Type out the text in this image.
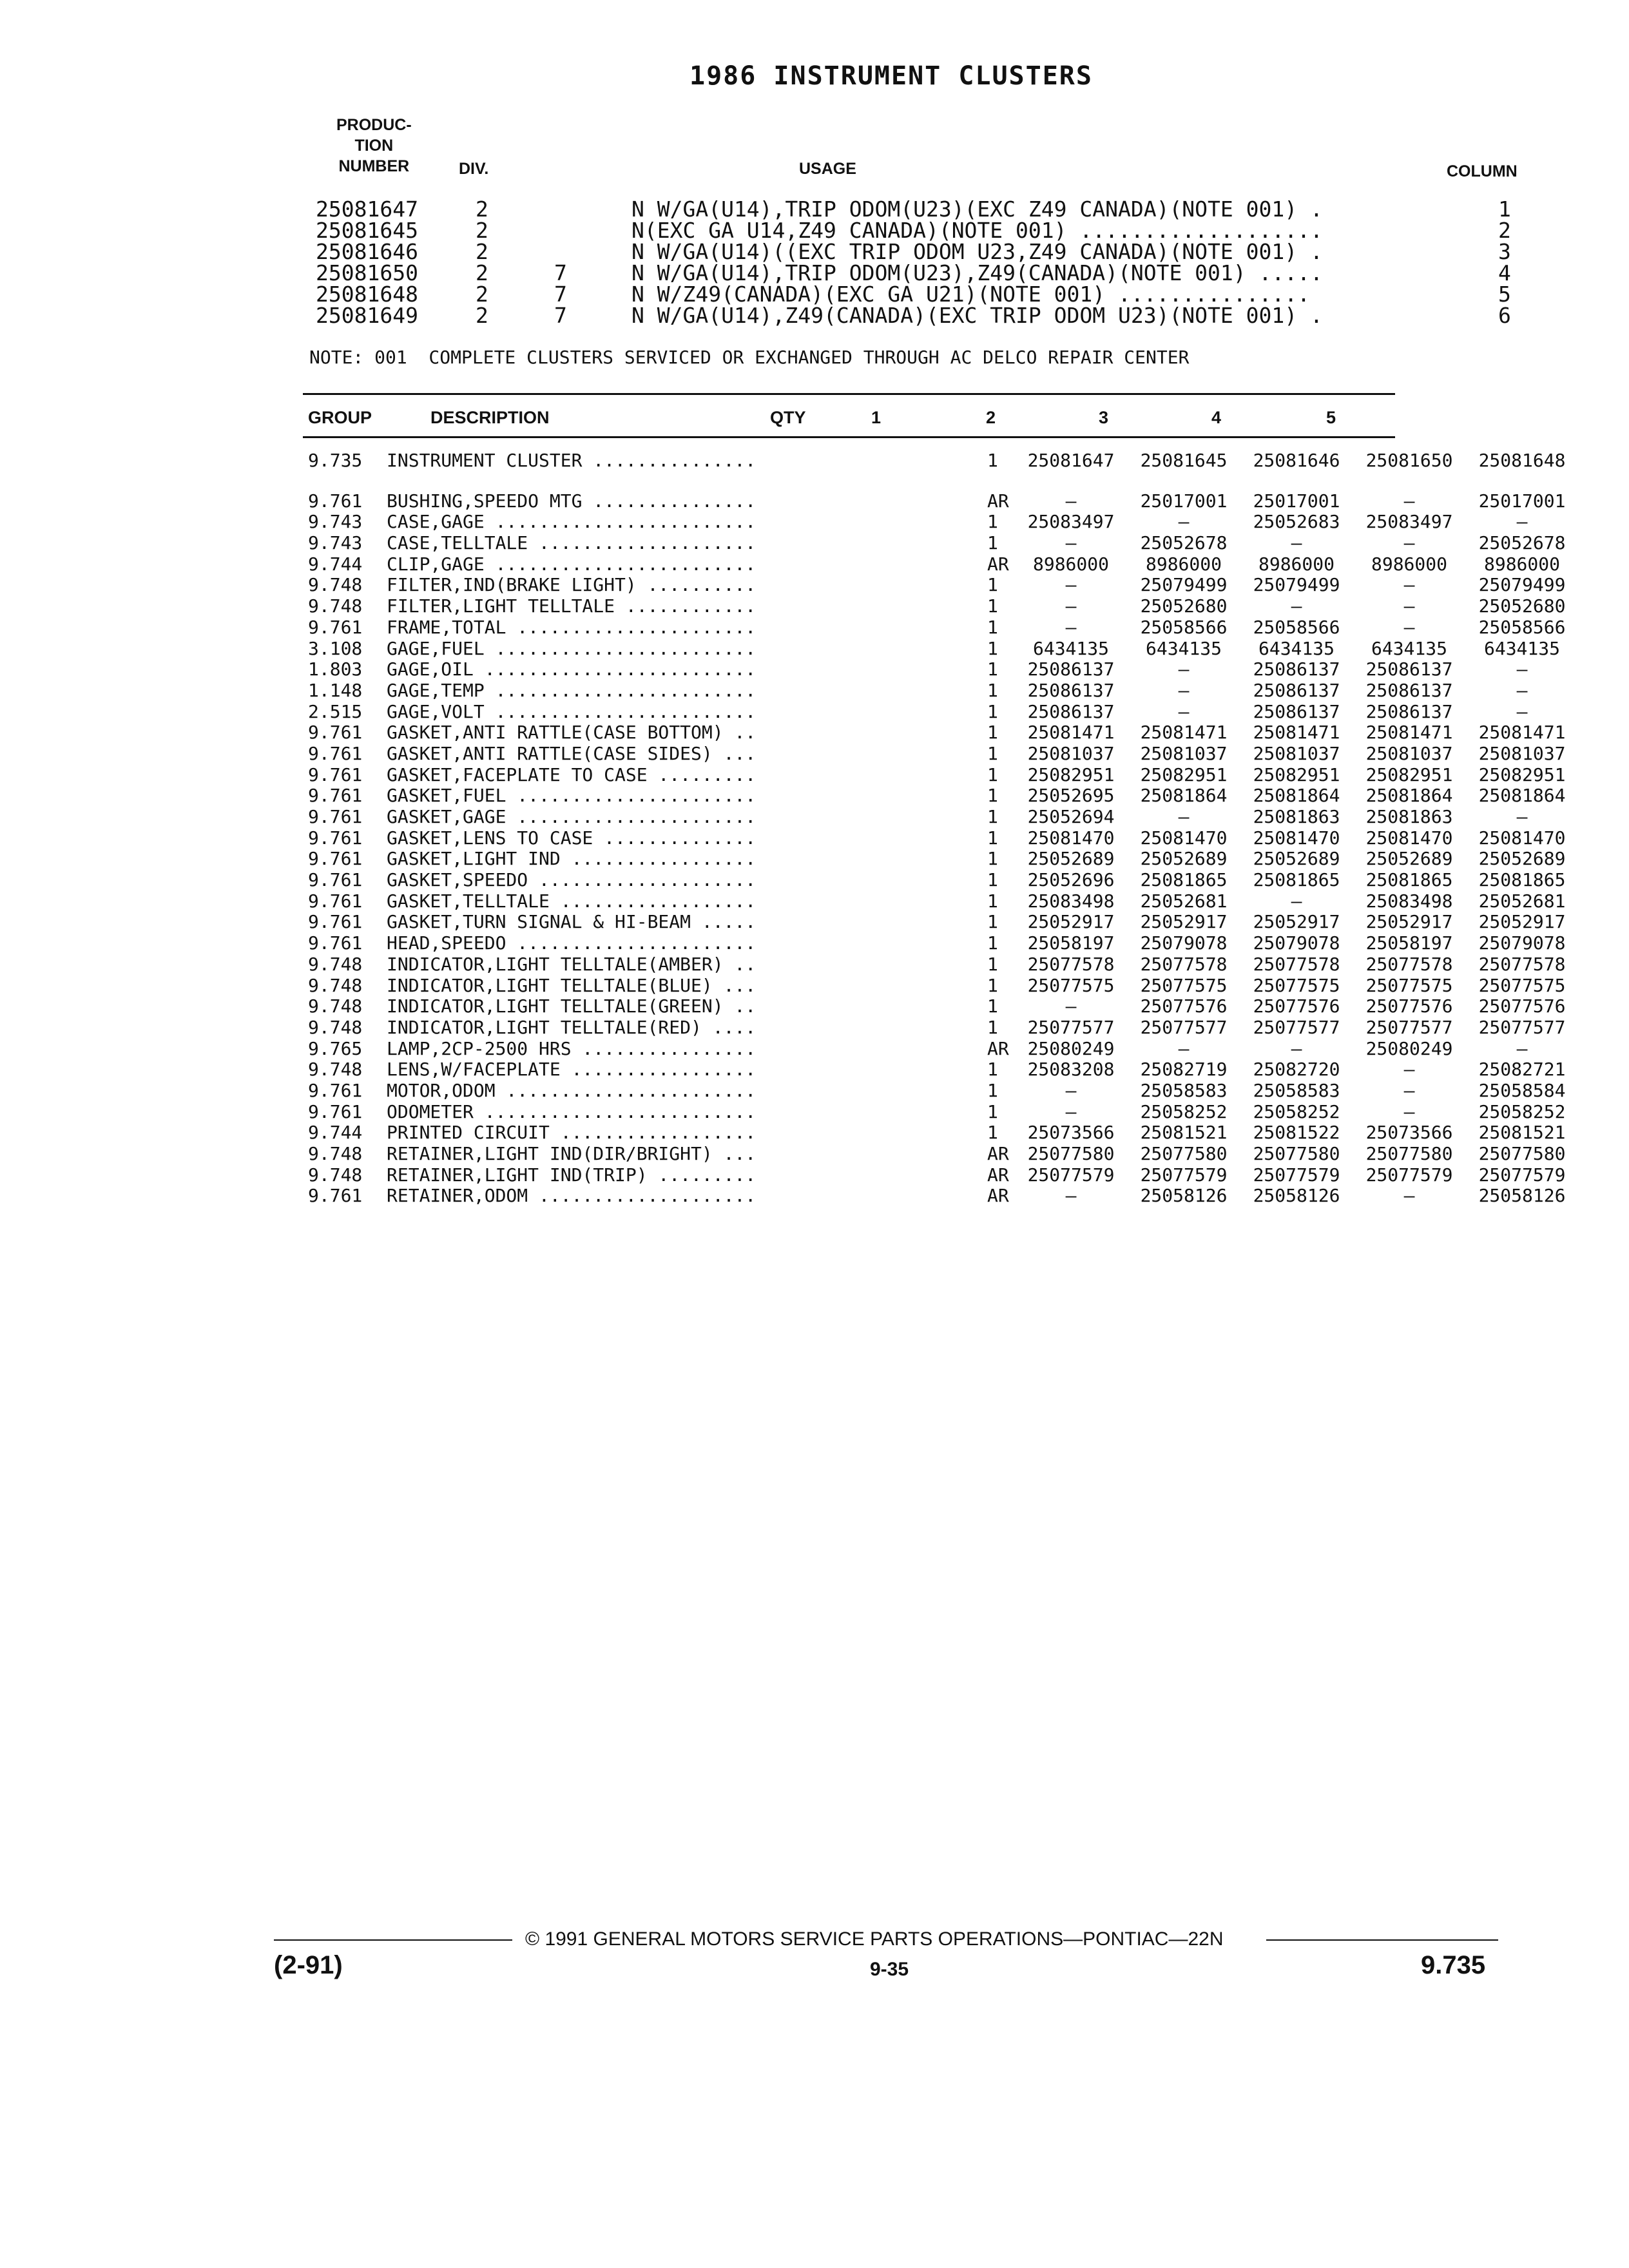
1986 INSTRUMENT CLUSTERS
PRODUC-
TION
NUMBER	DIV.	USAGE	COLUMN
25081647	2	N W/GA(U14),TRIP ODOM(U23)(EXC Z49 CANADA)(NOTE 001) .	1
25081645	2	N(EXC GA U14,Z49 CANADA)(NOTE 001) ...................	2
25081646	2	N W/GA(U14)((EXC TRIP ODOM U23,Z49 CANADA)(NOTE 001) .	3
25081650	2	7	N W/GA(U14),TRIP ODOM(U23),Z49(CANADA)(NOTE 001) .....	4
25081648	2	7	N W/Z49(CANADA)(EXC GA U21)(NOTE 001) ...............	5
25081649	2	7	N W/GA(U14),Z49(CANADA)(EXC TRIP ODOM U23)(NOTE 001) .	6
NOTE: 001  COMPLETE CLUSTERS SERVICED OR EXCHANGED THROUGH AC DELCO REPAIR CENTER
GROUP	DESCRIPTION	QTY	1	2	3	4	5
9.735 INSTRUMENT CLUSTER ...............	1	25081647	25081645	25081646	25081650	25081648
9.761 BUSHING,SPEEDO MTG ...............	AR	—	25017001	25017001	—	25017001
9.743 CASE,GAGE ........................	1	25083497	—	25052683	25083497	—
9.743 CASE,TELLTALE ....................	1	—	25052678	—	—	25052678
9.744 CLIP,GAGE ........................	AR	8986000	8986000	8986000	8986000	8986000
9.748 FILTER,IND(BRAKE LIGHT) ..........	1	—	25079499	25079499	—	25079499
9.748 FILTER,LIGHT TELLTALE ............	1	—	25052680	—	—	25052680
9.761 FRAME,TOTAL ......................	1	—	25058566	25058566	—	25058566
3.108 GAGE,FUEL ........................	1	6434135	6434135	6434135	6434135	6434135
1.803 GAGE,OIL .........................	1	25086137	—	25086137	25086137	—
1.148 GAGE,TEMP ........................	1	25086137	—	25086137	25086137	—
2.515 GAGE,VOLT ........................	1	25086137	—	25086137	25086137	—
9.761 GASKET,ANTI RATTLE(CASE BOTTOM) ..	1	25081471	25081471	25081471	25081471	25081471
9.761 GASKET,ANTI RATTLE(CASE SIDES) ...	1	25081037	25081037	25081037	25081037	25081037
9.761 GASKET,FACEPLATE TO CASE .........	1	25082951	25082951	25082951	25082951	25082951
9.761 GASKET,FUEL ......................	1	25052695	25081864	25081864	25081864	25081864
9.761 GASKET,GAGE ......................	1	25052694	—	25081863	25081863	—
9.761 GASKET,LENS TO CASE ..............	1	25081470	25081470	25081470	25081470	25081470
9.761 GASKET,LIGHT IND .................	1	25052689	25052689	25052689	25052689	25052689
9.761 GASKET,SPEEDO ....................	1	25052696	25081865	25081865	25081865	25081865
9.761 GASKET,TELLTALE ..................	1	25083498	25052681	—	25083498	25052681
9.761 GASKET,TURN SIGNAL & HI-BEAM .....	1	25052917	25052917	25052917	25052917	25052917
9.761 HEAD,SPEEDO ......................	1	25058197	25079078	25079078	25058197	25079078
9.748 INDICATOR,LIGHT TELLTALE(AMBER) ..	1	25077578	25077578	25077578	25077578	25077578
9.748 INDICATOR,LIGHT TELLTALE(BLUE) ...	1	25077575	25077575	25077575	25077575	25077575
9.748 INDICATOR,LIGHT TELLTALE(GREEN) ..	1	—	25077576	25077576	25077576	25077576
9.748 INDICATOR,LIGHT TELLTALE(RED) ....	1	25077577	25077577	25077577	25077577	25077577
9.765 LAMP,2CP-2500 HRS ................	AR	25080249	—	—	25080249	—
9.748 LENS,W/FACEPLATE .................	1	25083208	25082719	25082720	—	25082721
9.761 MOTOR,ODOM .......................	1	—	25058583	25058583	—	25058584
9.761 ODOMETER .........................	1	—	25058252	25058252	—	25058252
9.744 PRINTED CIRCUIT ..................	1	25073566	25081521	25081522	25073566	25081521
9.748 RETAINER,LIGHT IND(DIR/BRIGHT) ...	AR	25077580	25077580	25077580	25077580	25077580
9.748 RETAINER,LIGHT IND(TRIP) .........	AR	25077579	25077579	25077579	25077579	25077579
9.761 RETAINER,ODOM ....................	AR	—	25058126	25058126	—	25058126
© 1991 GENERAL MOTORS SERVICE PARTS OPERATIONS—PONTIAC—22N
(2-91)	9-35	9.735
